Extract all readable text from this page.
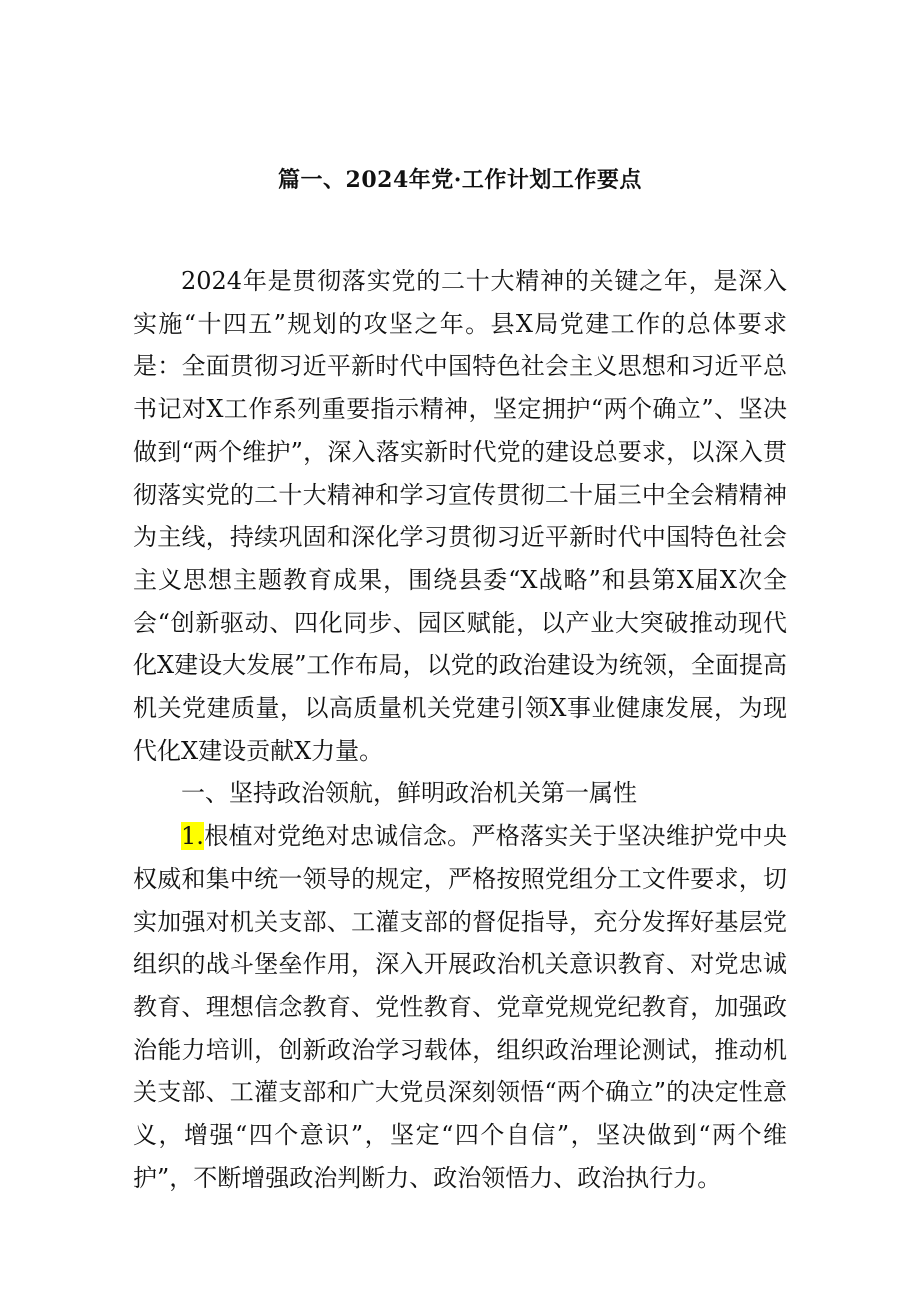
篇一、2024年党·工作计划工作要点

2024年是贯彻落实党的二十大精神的关键之年，是深入实施“十四五”规划的攻坚之年。县X局党建工作的总体要求是：全面贯彻习近平新时代中国特色社会主义思想和习近平总书记对X工作系列重要指示精神，坚定拥护“两个确立”、坚决做到“两个维护”，深入落实新时代党的建设总要求，以深入贯彻落实党的二十大精神和学习宣传贯彻二十届三中全会精精神为主线，持续巩固和深化学习贯彻习近平新时代中国特色社会主义思想主题教育成果，围绕县委“X战略”和县第X届X次全会“创新驱动、四化同步、园区赋能，以产业大突破推动现代化X建设大发展”工作布局，以党的政治建设为统领，全面提高机关党建质量，以高质量机关党建引领X事业健康发展，为现代化X建设贡献X力量。

一、坚持政治领航，鲜明政治机关第一属性

1.根植对党绝对忠诚信念。严格落实关于坚决维护党中央权威和集中统一领导的规定，严格按照党组分工文件要求，切实加强对机关支部、工灌支部的督促指导，充分发挥好基层党组织的战斗堡垒作用，深入开展政治机关意识教育、对党忠诚教育、理想信念教育、党性教育、党章党规党纪教育，加强政治能力培训，创新政治学习载体，组织政治理论测试，推动机关支部、工灌支部和广大党员深刻领悟“两个确立”的决定性意义，增强“四个意识”，坚定“四个自信”，坚决做到“两个维护”，不断增强政治判断力、政治领悟力、政治执行力。
